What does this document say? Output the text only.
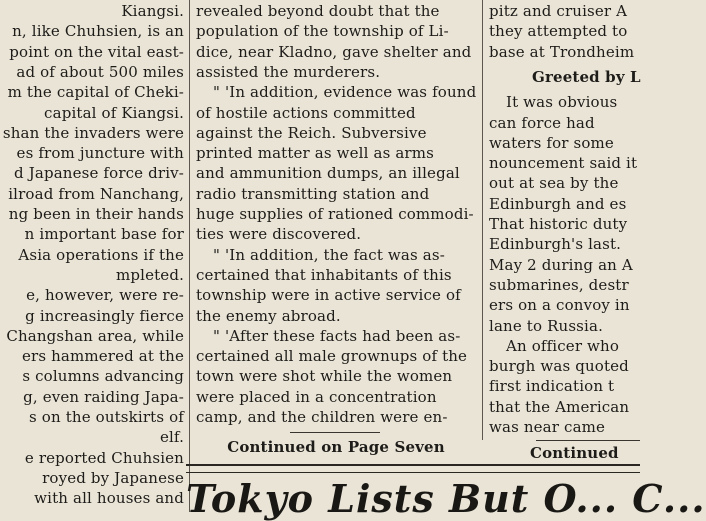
Kiangsi.
n, like Chuhsien, is an
point on the vital east-
ad of about 500 miles
m the capital of Cheki-
capital of Kiangsi.
shan the invaders were
es from juncture with
d Japanese force driv-
ilroad from Nanchang,
ng been in their hands
n important base for
Asia operations if the
mpleted.
e, however, were re-
g increasingly fierce
Changshan area, while
ers hammered at the
s columns advancing
g, even raiding Japa-
s on the outskirts of
elf.
e reported Chuhsien
royed by Japanese
with all houses and
revealed beyond doubt that the
population of the township of Li-
dice, near Kladno, gave shelter and
assisted the murderers.
" 'In addition, evidence was found
of hostile actions committed
against the Reich. Subversive
printed matter as well as arms
and ammunition dumps, an illegal
radio transmitting station and
huge supplies of rationed commodi-
ties were discovered.
" 'In addition, the fact was as-
certained that inhabitants of this
township were in active service of
the enemy abroad.
" 'After these facts had been as-
certained all male grownups of the
town were shot while the women
were placed in a concentration
camp, and the children were en-
Continued on Page Seven
pitz and cruiser A
they attempted to
base at Trondheim
Greeted by L
It was obvious
can force had
waters for some
nouncement said it
out at sea by the
Edinburgh and es
That historic duty
Edinburgh's last.
May 2 during an A
submarines, destr
ers on a convoy in
lane to Russia.
An officer who
burgh was quoted
first indication t
that the American
was near came
Continued
Tokyo Lists But O... C...
